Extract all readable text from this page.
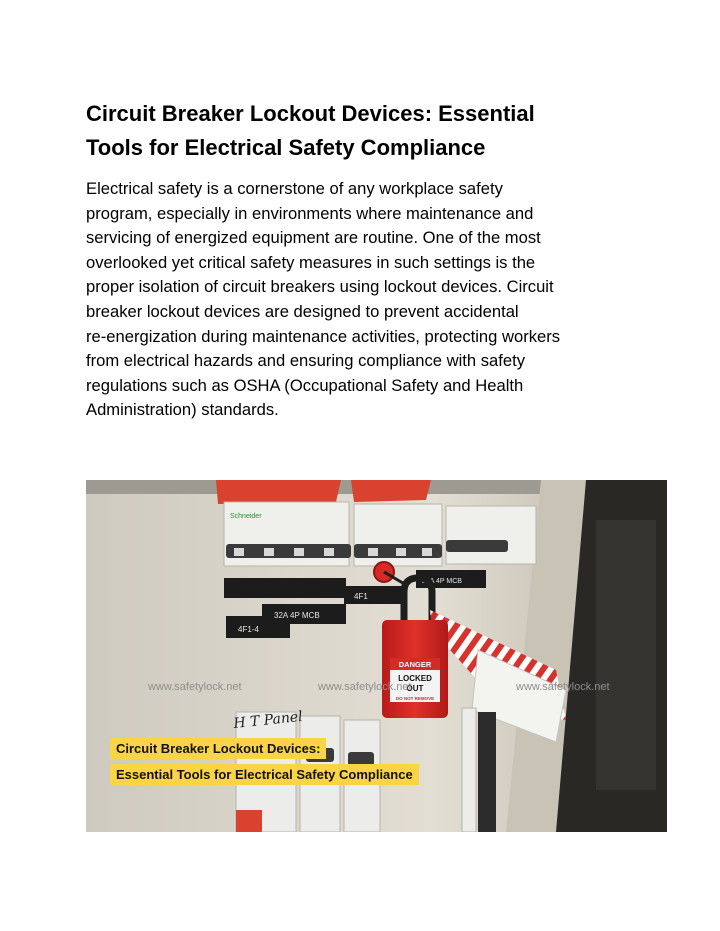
Circuit Breaker Lockout Devices: Essential
Tools for Electrical Safety Compliance

Electrical safety is a cornerstone of any workplace safety
program, especially in environments where maintenance and
servicing of energized equipment are routine. One of the most
overlooked yet critical safety measures in such settings is the
proper isolation of circuit breakers using lockout devices. Circuit
breaker lockout devices are designed to prevent accidental
re-energization during maintenance activities, protecting workers
from electrical hazards and ensuring compliance with safety
regulations such as OSHA (Occupational Safety and Health
Administration) standards.

Schneider
4F1-4
32A 4P MCB
4F1
20A 4P MCB
DANGER
LOCKED
OUT
DO NOT REMOVE
www.safetylock.net	www.safetylock.net	www.safetylock.net
H T Panel
Circuit Breaker Lockout Devices:
Essential Tools for Electrical Safety Compliance
